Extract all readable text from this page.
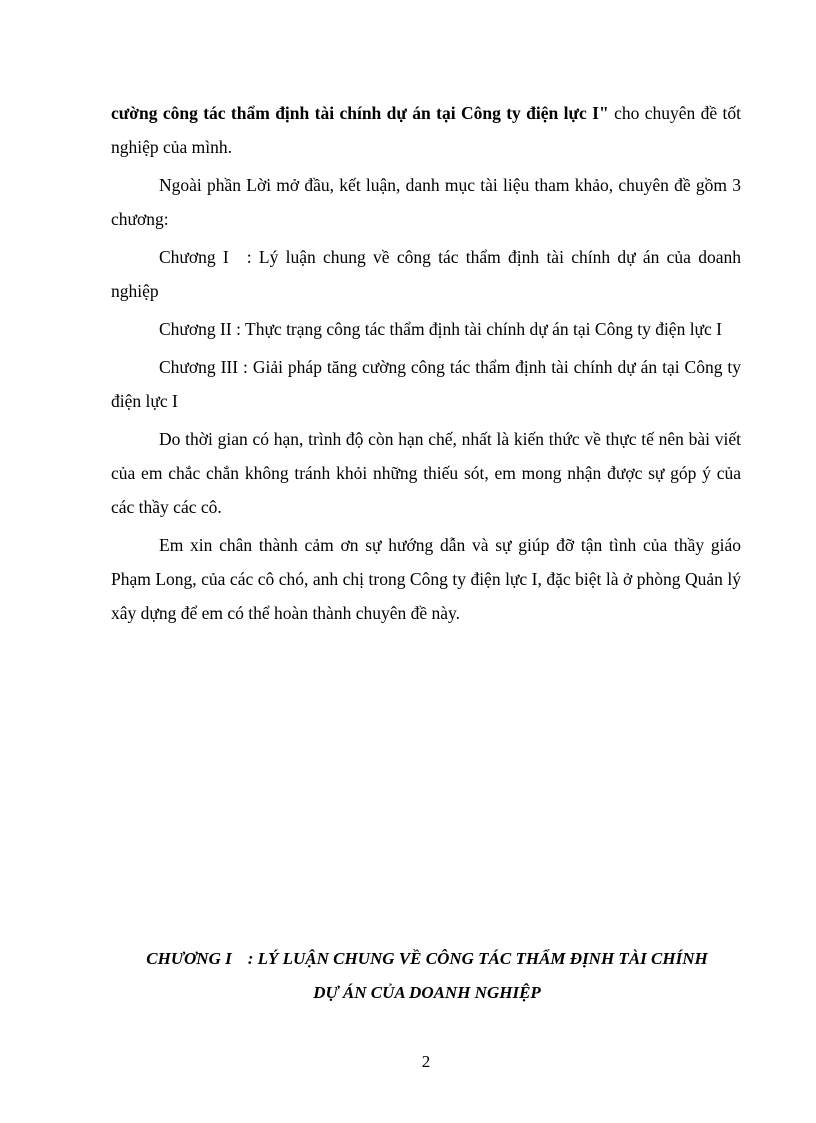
cường công tác thẩm định tài chính dự án tại Công ty điện lực I" cho chuyên đề tốt nghiệp của mình.

Ngoài phần Lời mở đầu, kết luận, danh mục tài liệu tham khảo, chuyên đề gồm 3 chương:

Chương I : Lý luận chung về công tác thẩm định tài chính dự án của doanh nghiệp

Chương II : Thực trạng công tác thẩm định tài chính dự án tại Công ty điện lực I

Chương III : Giải pháp tăng cường công tác thẩm định tài chính dự án tại Công ty điện lực I

Do thời gian có hạn, trình độ còn hạn chế, nhất là kiến thức về thực tế nên bài viết của em chắc chắn không tránh khỏi những thiếu sót, em mong nhận được sự góp ý của các thầy các cô.

Em xin chân thành cảm ơn sự hướng dẫn và sự giúp đỡ tận tình của thầy giáo Phạm Long, của các cô chó, anh chị trong Công ty điện lực I, đặc biệt là ở phòng Quản lý xây dựng để em có thể hoàn thành chuyên đề này.

CHƯƠNG I : LÝ LUẬN CHUNG VỀ CÔNG TÁC THẨM ĐỊNH TÀI CHÍNH
DỰ ÁN CỦA DOANH NGHIỆP
2
